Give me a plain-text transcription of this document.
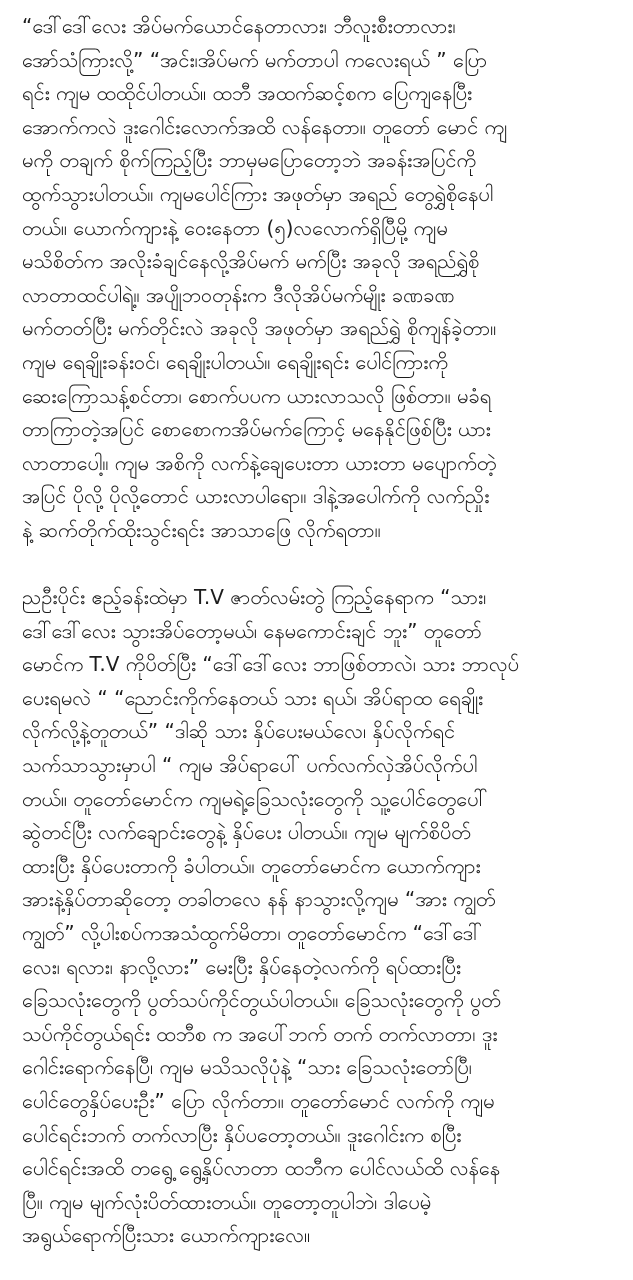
“ဒေါ်ဒေါ်လေး အိပ်မက်ယောင်နေတာလား၊ ဘီလူးစီးတာလား၊
အော်သံကြားလို့” “အင်း၊အိပ်မက် မက်တာပါ ကလေးရယ် ” ပြော
ရင်း ကျမ ထထိုင်ပါတယ်။ ထဘီ အထက်ဆင့်စက ပြေကျနေပြီး
အောက်ကလဲ ဒူးဂေါင်းလောက်အထိ လန်နေတာ။ တူတော် မောင် ကျ
မကို တချက် စိုက်ကြည့်ပြီး ဘာမှမပြောတော့ဘဲ အခန်းအပြင်ကို
ထွက်သွားပါတယ်။ ကျမပေါင်ကြား အဖုတ်မှာ အရည် တွေရွှဲစိုနေပါ
တယ်။ ယောက်ကျားနဲ့ ဝေးနေတာ (၅)လလောက်ရှိပြီမို့ ကျမ
မသိစိတ်က အလိုးခံချင်နေလို့အိပ်မက် မက်ပြီး အခုလို အရည်ရွှဲစို
လာတာထင်ပါရဲ့။ အပျိုဘဝတုန်းက ဒီလိုအိပ်မက်မျိုး ခဏခဏ
မက်တတ်ပြီး မက်တိုင်းလဲ အခုလို အဖုတ်မှာ အရည်ရွှဲ စိုကျန်ခဲ့တာ။
ကျမ ရေချိုးခန်းဝင်၊ ရေချိုးပါတယ်။ ရေချိုးရင်း ပေါင်ကြားကို
ဆေးကြောသန့်စင်တာ၊ စောက်ပပက ယားလာသလို ဖြစ်တာ။ မခံရ
တာကြာတဲ့အပြင် စောစောကအိပ်မက်ကြောင့် မနေနိုင်ဖြစ်ပြီး ယား
လာတာပေါ့။ ကျမ အစိကို လက်နဲ့ချေပေးတာ ယားတာ မပျောက်တဲ့
အပြင် ပိုလို့ ပိုလို့တောင် ယားလာပါရော။ ဒါနဲ့အပေါက်ကို လက်ညှိုး
နဲ့ ဆက်တိုက်ထိုးသွင်းရင်း အာသာဖြေ လိုက်ရတာ။
ညဦးပိုင်း ဧည့်ခန်းထဲမှာ T.V ဇာတ်လမ်းတွဲ ကြည့်နေရာက “သား၊
ဒေါ်ဒေါ်လေး သွားအိပ်တော့မယ်၊ နေမကောင်းချင် ဘူး” တူတော်
မောင်က T.V ကိုပိတ်ပြီး “ဒေါ်ဒေါ်လေး ဘာဖြစ်တာလဲ၊ သား ဘာလုပ်
ပေးရမလဲ “ “ညောင်းကိုက်နေတယ် သား ရယ်၊ အိပ်ရာထ ရေချိုး
လိုက်လို့နဲ့တူတယ်” “ဒါဆို သား နှိပ်ပေးမယ်လေ၊ နှိပ်လိုက်ရင်
သက်သာသွားမှာပါ “ ကျမ အိပ်ရာပေါ် ပက်လက်လှဲအိပ်လိုက်ပါ
တယ်။ တူတော်မောင်က ကျမရဲ့ခြေသလုံးတွေကို သူ့ပေါင်တွေပေါ်
ဆွဲတင်ပြီး လက်ချောင်းတွေနဲ့ နှိပ်ပေး ပါတယ်။ ကျမ မျက်စိပိတ်
ထားပြီး နှိပ်ပေးတာကို ခံပါတယ်။ တူတော်မောင်က ယောက်ကျား
အားနဲ့နှိပ်တာဆိုတော့ တခါတလေ နန် နာသွားလို့ကျမ “အား ကျွတ်
ကျွတ်” လို့ပါးစပ်ကအသံထွက်မိတာ၊ တူတော်မောင်က “ဒေါ်ဒေါ်
လေး၊ ရလား၊ နာလို့လား” မေးပြီး နှိပ်နေတဲ့လက်ကို ရပ်ထားပြီး
ခြေသလုံးတွေကို ပွတ်သပ်ကိုင်တွယ်ပါတယ်။ ခြေသလုံးတွေကို ပွတ်
သပ်ကိုင်တွယ်ရင်း ထဘီစ က အပေါ်ဘက် တက် တက်လာတာ၊ ဒူး
ဂေါင်းရောက်နေပြီ၊ ကျမ မသိသလိုပုံနဲ့ “သား ခြေသလုံးတော်ပြီ၊
ပေါင်တွေနှိပ်ပေးဦး” ပြော လိုက်တာ။ တူတော်မောင် လက်ကို ကျမ
ပေါင်ရင်းဘက် တက်လာပြီး နှိပ်ပတော့တယ်။ ဒူးဂေါင်းက စပြီး
ပေါင်ရင်းအထိ တရွေ့ ရွေ့နှိပ်လာတာ ထဘီက ပေါင်လယ်ထိ လန်နေ
ပြီ။ ကျမ မျက်လုံးပိတ်ထားတယ်။ တူတော့တူပါဘဲ၊ ဒါပေမဲ့
အရွယ်ရောက်ပြီးသား ယောက်ကျားလေ။
